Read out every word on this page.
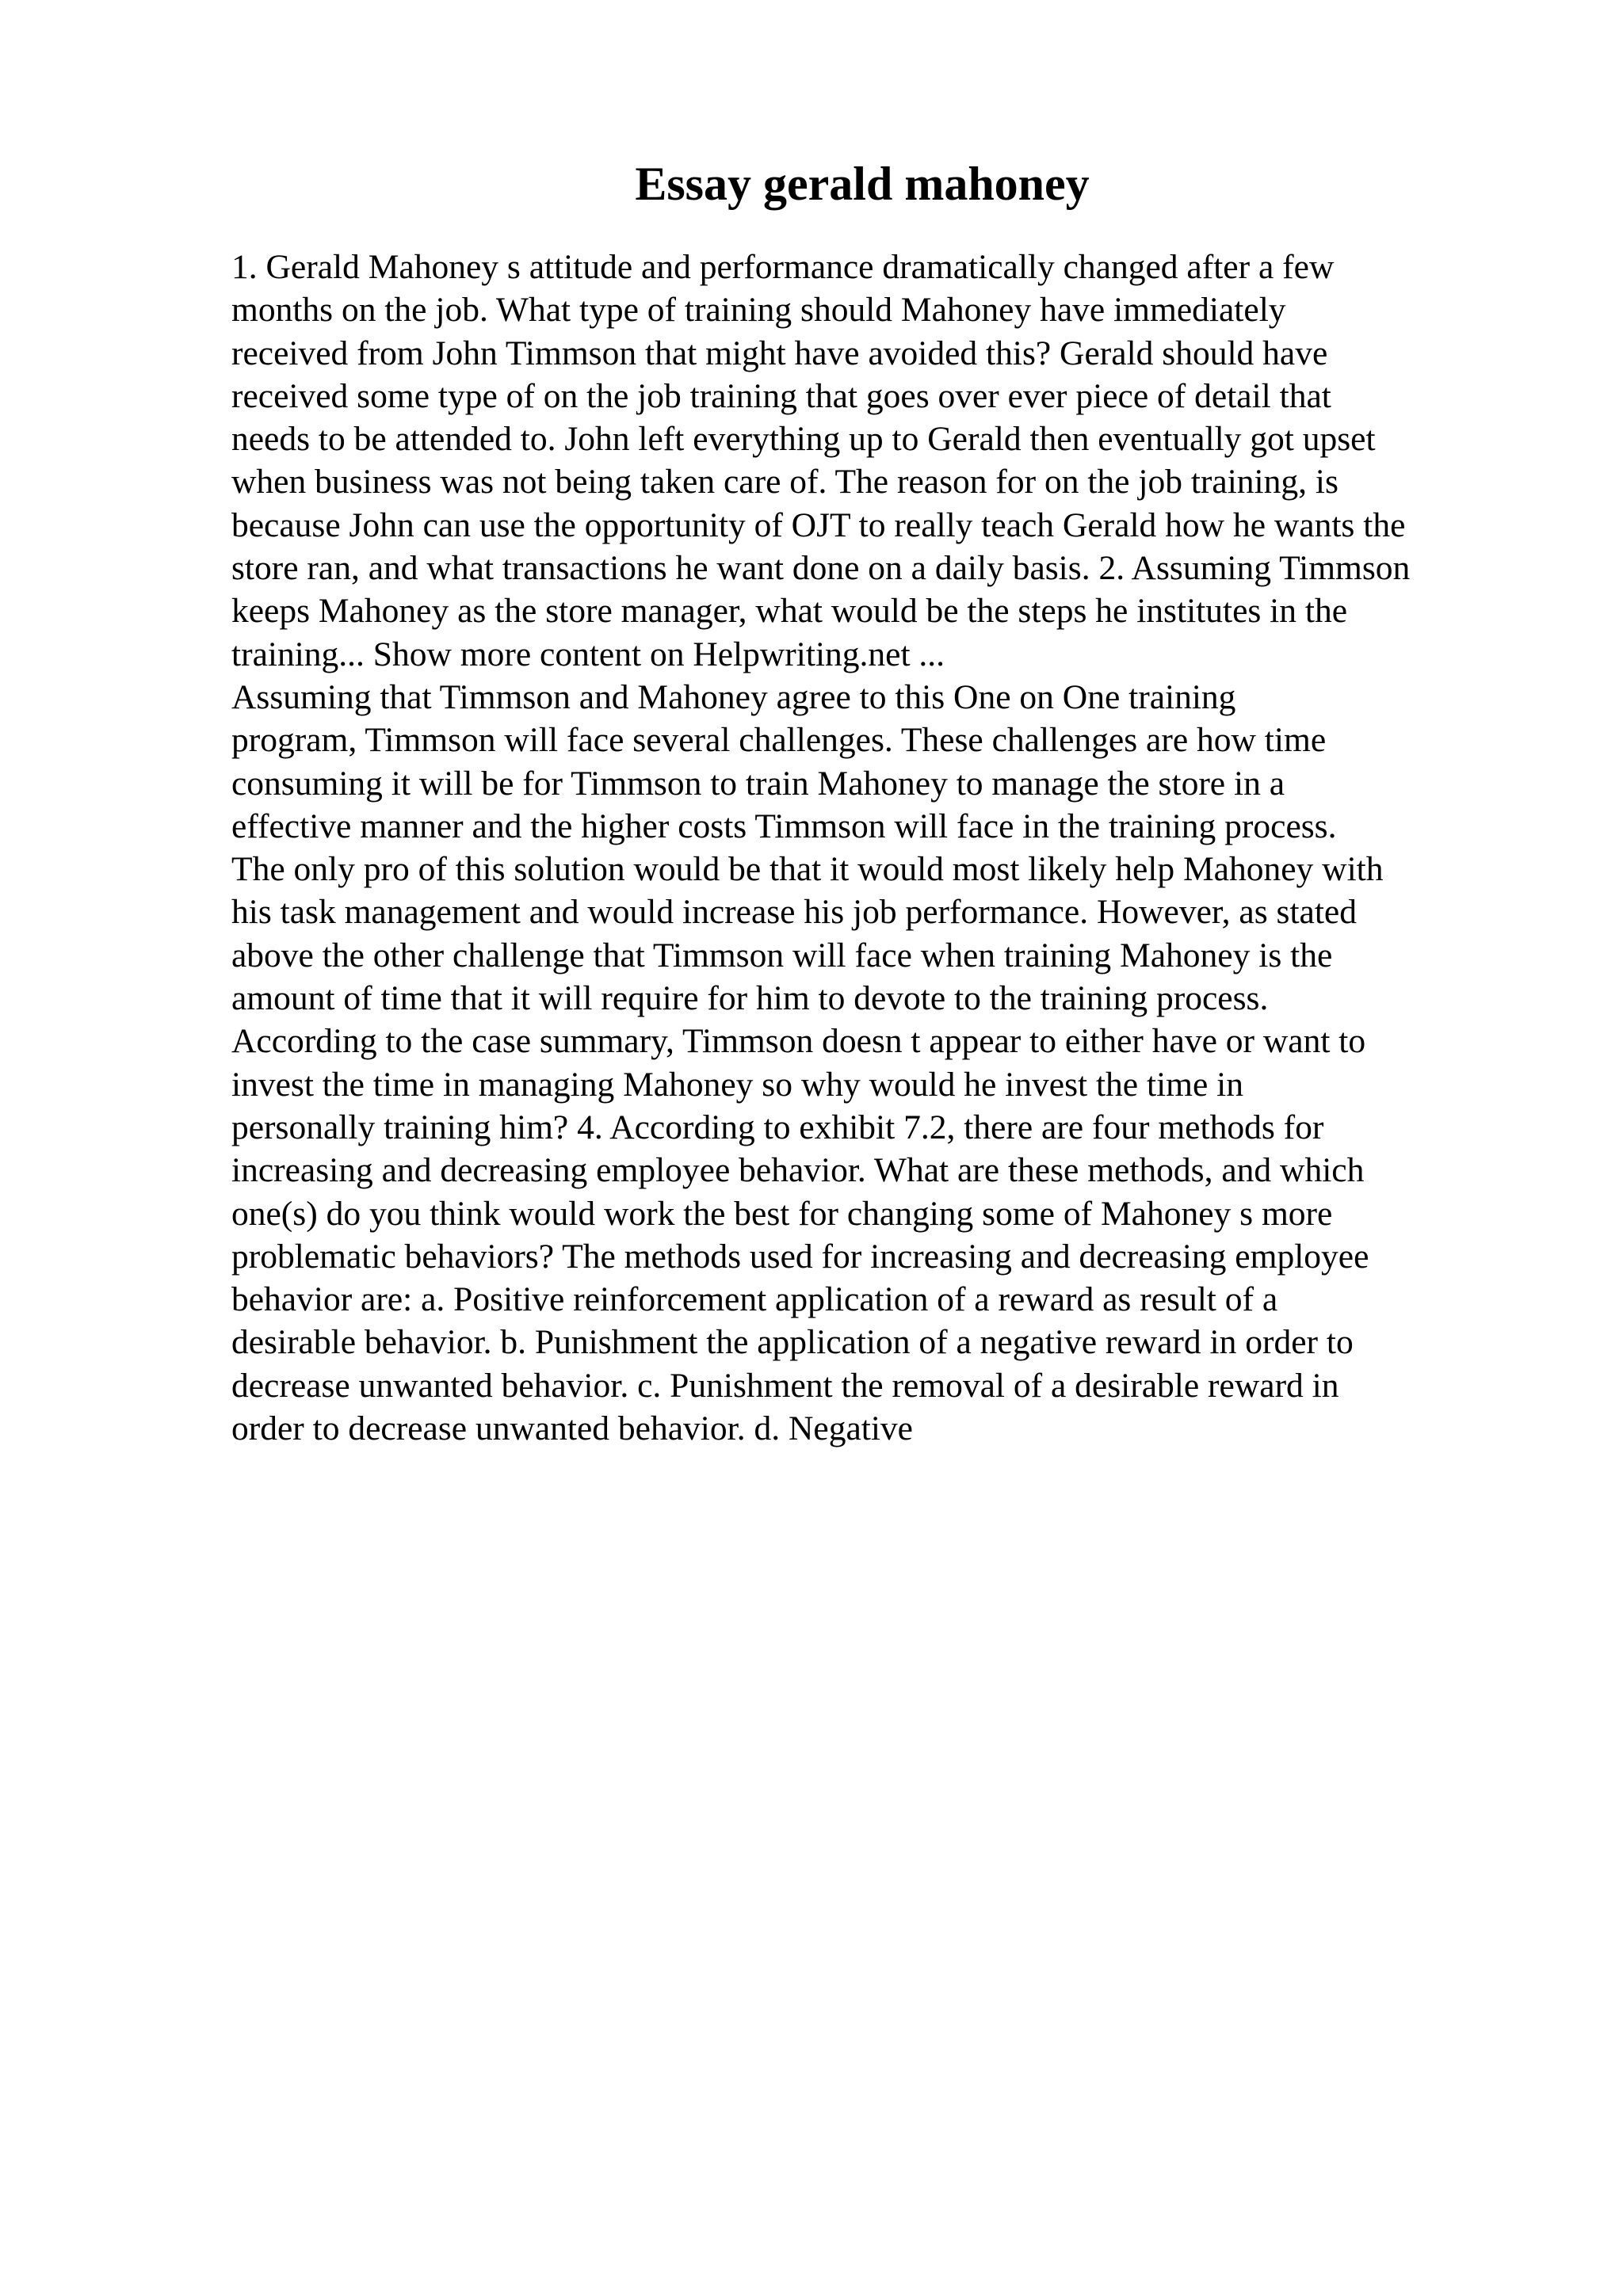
Essay gerald mahoney
1. Gerald Mahoney s attitude and performance dramatically changed after a few
months on the job. What type of training should Mahoney have immediately
received from John Timmson that might have avoided this? Gerald should have
received some type of on the job training that goes over ever piece of detail that
needs to be attended to. John left everything up to Gerald then eventually got upset
when business was not being taken care of. The reason for on the job training, is
because John can use the opportunity of OJT to really teach Gerald how he wants the
store ran, and what transactions he want done on a daily basis. 2. Assuming Timmson
keeps Mahoney as the store manager, what would be the steps he institutes in the
training... Show more content on Helpwriting.net ...
Assuming that Timmson and Mahoney agree to this One on One training
program, Timmson will face several challenges. These challenges are how time
consuming it will be for Timmson to train Mahoney to manage the store in a
effective manner and the higher costs Timmson will face in the training process.
The only pro of this solution would be that it would most likely help Mahoney with
his task management and would increase his job performance. However, as stated
above the other challenge that Timmson will face when training Mahoney is the
amount of time that it will require for him to devote to the training process.
According to the case summary, Timmson doesn t appear to either have or want to
invest the time in managing Mahoney so why would he invest the time in
personally training him? 4. According to exhibit 7.2, there are four methods for
increasing and decreasing employee behavior. What are these methods, and which
one(s) do you think would work the best for changing some of Mahoney s more
problematic behaviors? The methods used for increasing and decreasing employee
behavior are: a. Positive reinforcement application of a reward as result of a
desirable behavior. b. Punishment the application of a negative reward in order to
decrease unwanted behavior. c. Punishment the removal of a desirable reward in
order to decrease unwanted behavior. d. Negative
